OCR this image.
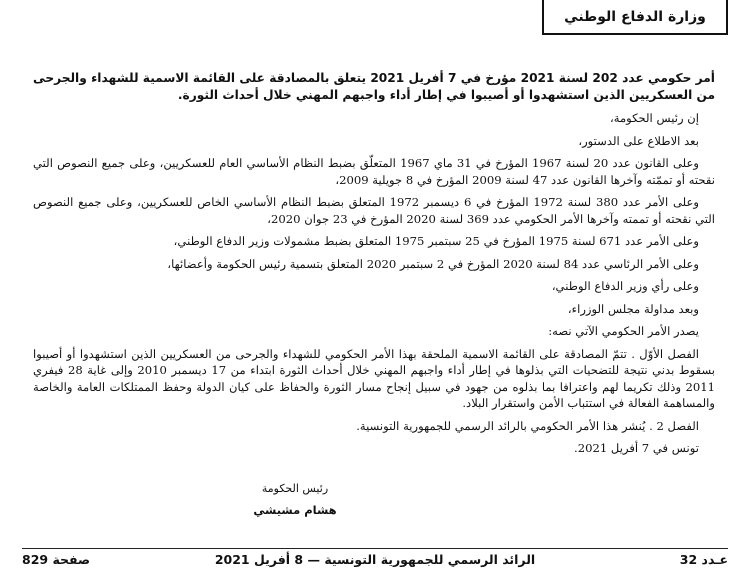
وزارة الدفاع الوطني

أمر حكومي عدد 202 لسنة 2021 مؤرخ في 7 أفريل 2021 يتعلق بالمصادقة على القائمة الاسمية للشهداء والجرحى من العسكريين الذين استشهدوا أو أصيبوا في إطار أداء واجبهم المهني خلال أحداث الثورة.

إن رئيس الحكومة،

بعد الاطلاع على الدستور،

وعلى القانون عدد 20 لسنة 1967 المؤرخ في 31 ماي 1967 المتعلّق بضبط النظام الأساسي العام للعسكريين، وعلى جميع النصوص التي نقحته أو تممّته وآخرها القانون عدد 47 لسنة 2009 المؤرخ في 8 جويلية 2009،

وعلى الأمر عدد 380 لسنة 1972 المؤرخ في 6 ديسمبر 1972 المتعلق بضبط النظام الأساسي الخاص للعسكريين، وعلى جميع النصوص التي نقحته أو تممته وآخرها الأمر الحكومي عدد 369 لسنة 2020 المؤرخ في 23 جوان 2020،

وعلى الأمر عدد 671 لسنة 1975 المؤرخ في 25 سبتمبر 1975 المتعلق بضبط مشمولات وزير الدفاع الوطني،

وعلى الأمر الرئاسي عدد 84 لسنة 2020 المؤرخ في 2 سبتمبر 2020 المتعلق بتسمية رئيس الحكومة وأعضائها،

وعلى رأي وزير الدفاع الوطني،

وبعد مداولة مجلس الوزراء،

يصدر الأمر الحكومي الآتي نصه:

الفصل الأوّل . تتمّ المصادقة على القائمة الاسمية الملحقة بهذا الأمر الحكومي للشهداء والجرحى من العسكريين الذين استشهدوا أو أصيبوا بسقوط بدني نتيجة للتضحيات التي بذلوها في إطار أداء واجبهم المهني خلال أحداث الثورة ابتداء من 17 ديسمبر 2010 وإلى غاية 28 فيفري 2011 وذلك تكريما لهم واعترافا بما بذلوه من جهود في سبيل إنجاح مسار الثورة والحفاظ على كيان الدولة وحفظ الممتلكات العامة والخاصة والمساهمة الفعالة في استتباب الأمن واستقرار البلاد.

الفصل 2 . يُنشر هذا الأمر الحكومي بالرائد الرسمي للجمهورية التونسية.

تونس في 7 أفريل 2021.

رئيس الحكومة
هشام مشيشي
عـدد 32
الرائد الرسمي للجمهورية التونسية — 8 أفريل 2021
صفحة 829
